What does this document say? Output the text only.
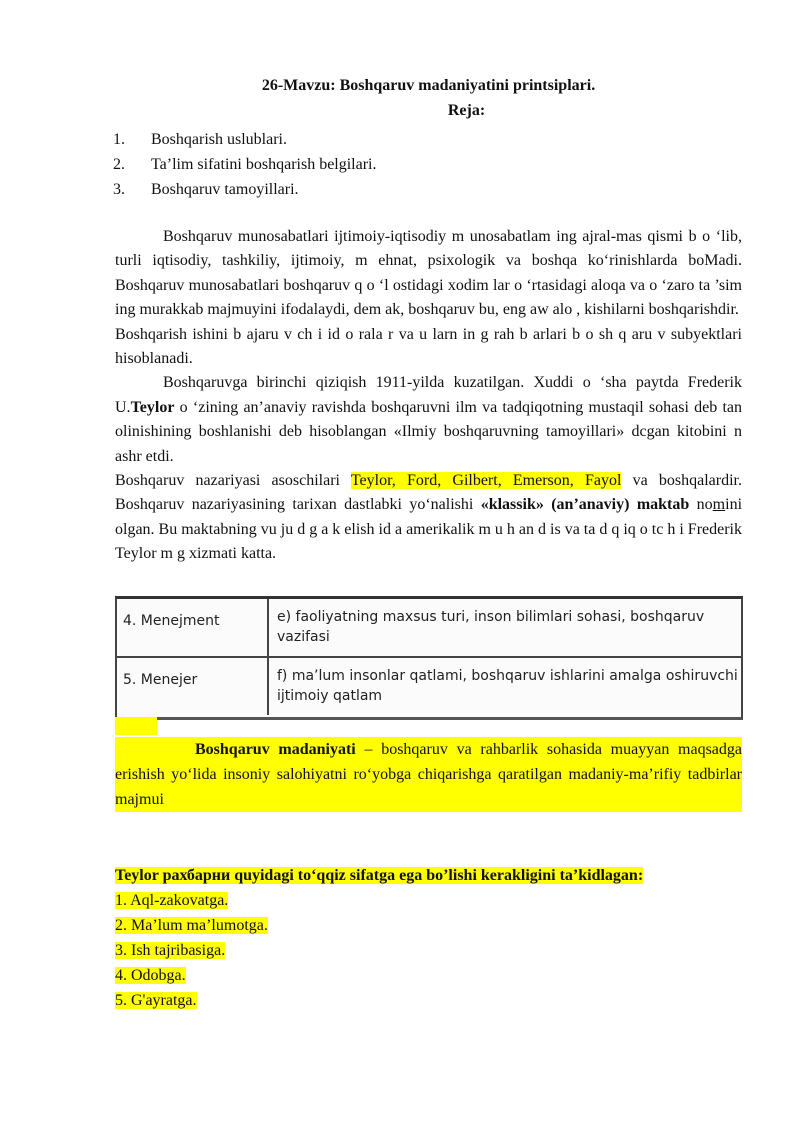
26-Mavzu: Boshqaruv madaniyatini printsiplari.
Reja:
1.	Boshqarish uslublari.
2.	Ta’lim sifatini boshqarish belgilari.
3.	Boshqaruv tamoyillari.

Boshqaruv munosabatlari ijtimoiy-iqtisodiy m unosabatlam ing ajral-mas qismi b o ‘lib, turli iqtisodiy, tashkiliy, ijtimoiy, m ehnat, psixologik va boshqa ko‘rinishlarda boMadi. Boshqaruv munosabatlari boshqaruv q o ‘l ostidagi xodim lar o ‘rtasidagi aloqa va o ‘zaro ta ’sim ing murakkab majmuyini ifodalaydi, dem ak, boshqaruv bu, eng aw alo , kishilarni boshqarishdir.

Boshqarish ishini b ajaru v ch i id o rala r va u larn in g rah b arlari b o sh q aru v subyektlari hisoblanadi.

Boshqaruvga birinchi qiziqish 1911-yilda kuzatilgan. Xuddi o ‘sha paytda Frederik U.Teylor o ‘zining an’anaviy ravishda boshqaruvni ilm va tadqiqotning mustaqil sohasi deb tan olinishining boshlanishi deb hisoblangan «Ilmiy boshqaruvning tamoyillari» dcgan kitobini n ashr etdi.

Boshqaruv nazariyasi asoschilari Teylor, Ford, Gilbert, Emerson, Fayol va boshqalardir. Boshqaruv nazariyasining tarixan dastlabki yo‘nalishi «klassik» (an’anaviy) maktab nomini olgan. Bu maktabning vu ju d g a k elish id a amerikalik m u h an d is va ta d q iq o tc h i Frederik Teylor m g xizmati katta.

4. Menejment	e) faoliyatning maxsus turi, inson bilimlari sohasi, boshqaruv vazifasi
5. Menejer	f) ma’lum insonlar qatlami, boshqaruv ishlarini amalga oshiruvchi ijtimoiy qatlam

Boshqaruv madaniyati – boshqaruv va rahbarlik sohasida muayyan maqsadga erishish yo‘lida insoniy salohiyatni ro‘yobga chiqarishga qaratilgan madaniy-ma’rifiy tadbirlar majmui

Teylor рахбарни quyidagi to‘qqiz sifatga ega bo’lishi kerakligini ta’kidlagan:

1. Aql-zakovatga.
2. Ma’lum ma’lumotga.
3. Ish tajribasiga.
4. Odobga.
5. G'ayratga.
